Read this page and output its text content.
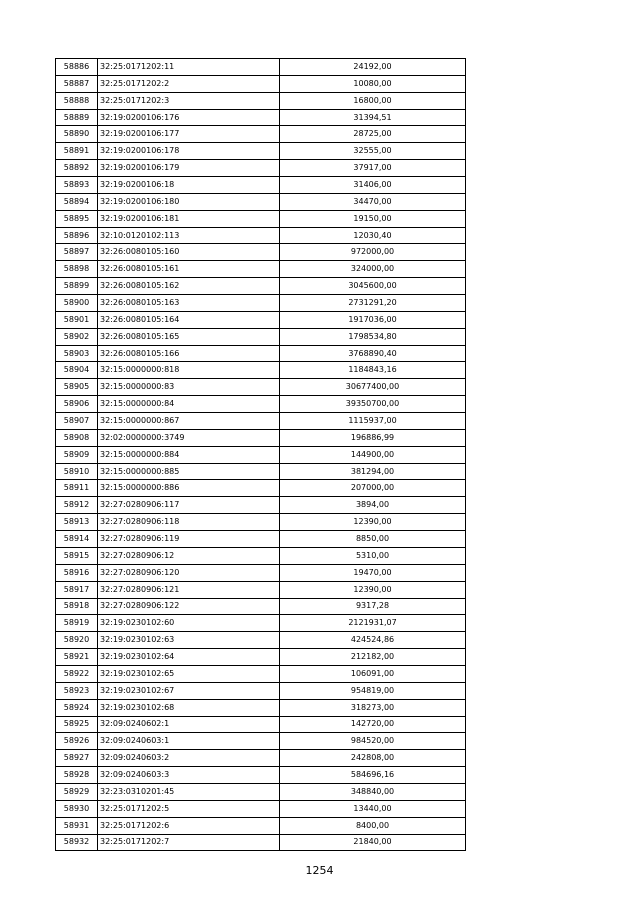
58886	32:25:0171202:11	24192,00
58887	32:25:0171202:2	10080,00
58888	32:25:0171202:3	16800,00
58889	32:19:0200106:176	31394,51
58890	32:19:0200106:177	28725,00
58891	32:19:0200106:178	32555,00
58892	32:19:0200106:179	37917,00
58893	32:19:0200106:18	31406,00
58894	32:19:0200106:180	34470,00
58895	32:19:0200106:181	19150,00
58896	32:10:0120102:113	12030,40
58897	32:26:0080105:160	972000,00
58898	32:26:0080105:161	324000,00
58899	32:26:0080105:162	3045600,00
58900	32:26:0080105:163	2731291,20
58901	32:26:0080105:164	1917036,00
58902	32:26:0080105:165	1798534,80
58903	32:26:0080105:166	3768890,40
58904	32:15:0000000:818	1184843,16
58905	32:15:0000000:83	30677400,00
58906	32:15:0000000:84	39350700,00
58907	32:15:0000000:867	1115937,00
58908	32:02:0000000:3749	196886,99
58909	32:15:0000000:884	144900,00
58910	32:15:0000000:885	381294,00
58911	32:15:0000000:886	207000,00
58912	32:27:0280906:117	3894,00
58913	32:27:0280906:118	12390,00
58914	32:27:0280906:119	8850,00
58915	32:27:0280906:12	5310,00
58916	32:27:0280906:120	19470,00
58917	32:27:0280906:121	12390,00
58918	32:27:0280906:122	9317,28
58919	32:19:0230102:60	2121931,07
58920	32:19:0230102:63	424524,86
58921	32:19:0230102:64	212182,00
58922	32:19:0230102:65	106091,00
58923	32:19:0230102:67	954819,00
58924	32:19:0230102:68	318273,00
58925	32:09:0240602:1	142720,00
58926	32:09:0240603:1	984520,00
58927	32:09:0240603:2	242808,00
58928	32:09:0240603:3	584696,16
58929	32:23:0310201:45	348840,00
58930	32:25:0171202:5	13440,00
58931	32:25:0171202:6	8400,00
58932	32:25:0171202:7	21840,00
1254
